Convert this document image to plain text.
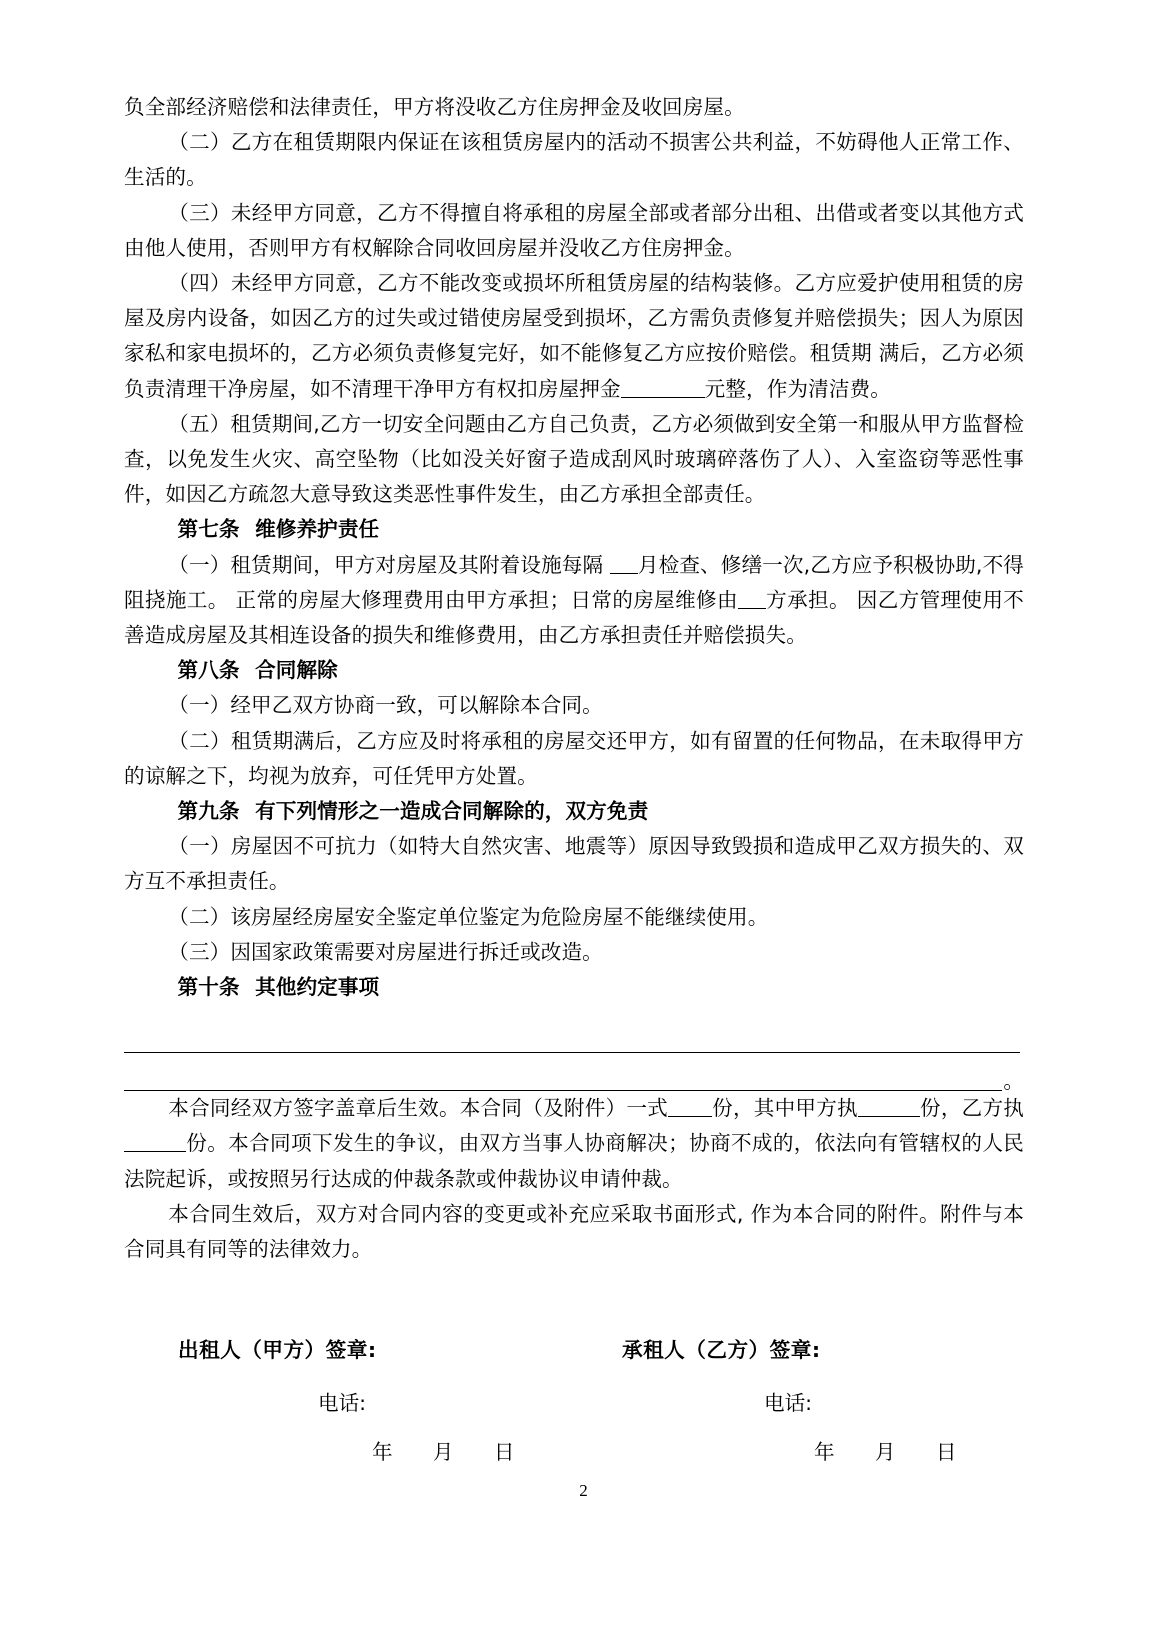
负全部经济赔偿和法律责任，甲方将没收乙方住房押金及收回房屋。

（二）乙方在租赁期限内保证在该租赁房屋内的活动不损害公共利益，不妨碍他人正常工作、生活的。

（三）未经甲方同意，乙方不得擅自将承租的房屋全部或者部分出租、出借或者变以其他方式由他人使用，否则甲方有权解除合同收回房屋并没收乙方住房押金。

（四）未经甲方同意，乙方不能改变或损坏所租赁房屋的结构装修。乙方应爱护使用租赁的房屋及房内设备，如因乙方的过失或过错使房屋受到损坏，乙方需负责修复并赔偿损失；因人为原因家私和家电损坏的，乙方必须负责修复完好，如不能修复乙方应按价赔偿。租赁期 满后，乙方必须负责清理干净房屋，如不清理干净甲方有权扣房屋押金	元整，作为清洁费。

（五）租赁期间,乙方一切安全问题由乙方自己负责，乙方必须做到安全第一和服从甲方监督检查，以免发生火灾、高空坠物（比如没关好窗子造成刮风时玻璃碎落伤了人）、入室盗窃等恶性事件，如因乙方疏忽大意导致这类恶性事件发生，由乙方承担全部责任。

第七条 维修养护责任

（一）租赁期间，甲方对房屋及其附着设施每隔 月检查、修缮一次,乙方应予积极协助,不得阻挠施工。 正常的房屋大修理费用由甲方承担；日常的房屋维修由 方承担。 因乙方管理使用不善造成房屋及其相连设备的损失和维修费用，由乙方承担责任并赔偿损失。

第八条 合同解除

（一）经甲乙双方协商一致，可以解除本合同。

（二）租赁期满后，乙方应及时将承租的房屋交还甲方，如有留置的任何物品，在未取得甲方的谅解之下，均视为放弃，可任凭甲方处置。

第九条 有下列情形之一造成合同解除的，双方免责

（一）房屋因不可抗力（如特大自然灾害、地震等）原因导致毁损和造成甲乙双方损失的、双方互不承担责任。

（二）该房屋经房屋安全鉴定单位鉴定为危险房屋不能继续使用。

（三）因国家政策需要对房屋进行拆迁或改造。

第十条 其他约定事项

。

本合同经双方签字盖章后生效。本合同（及附件）一式 份，其中甲方执	份，乙方执份。本合同项下发生的争议，由双方当事人协商解决；协商不成的，依法向有管辖权的人民法院起诉，或按照另行达成的仲裁条款或仲裁协议申请仲裁。

本合同生效后，双方对合同内容的变更或补充应采取书面形式, 作为本合同的附件。附件与本合同具有同等的法律效力。

出租人（甲方）签章:	承租人（乙方）签章:
电话:	电话:
年 月 日	年 月 日
2
